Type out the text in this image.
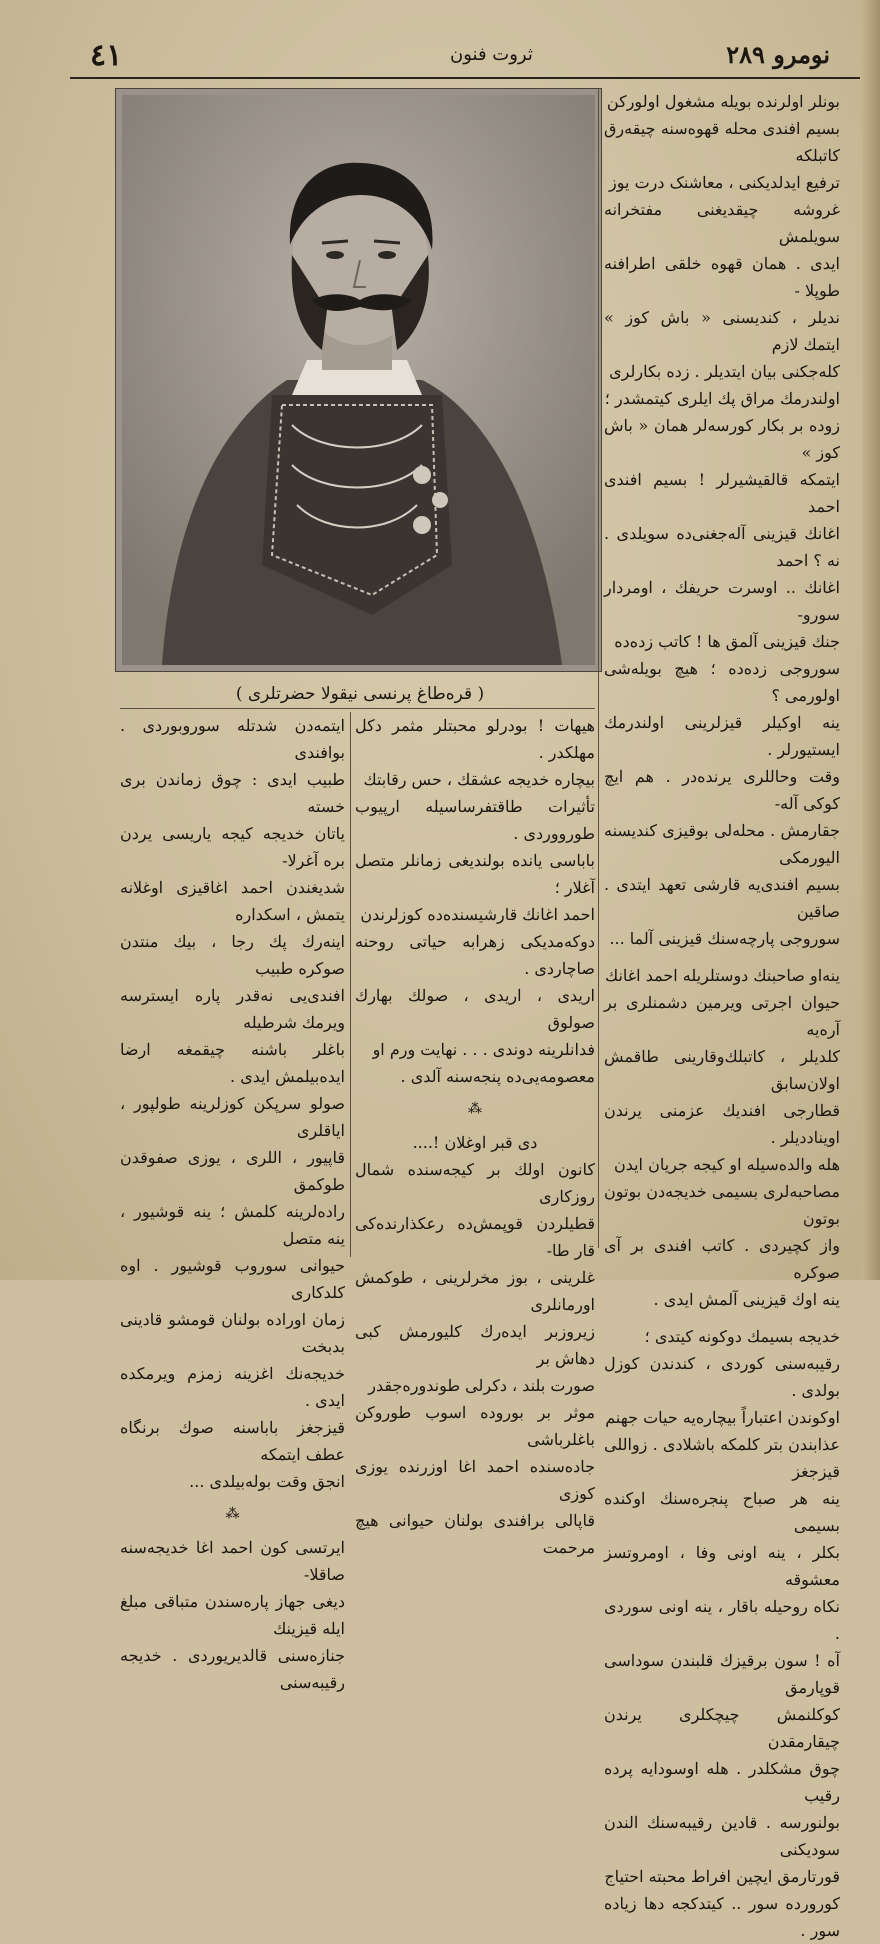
٤١	ثروت فنون	نومرو ۲۸۹
( قره‌طاغ پرنسی نیقولا حضرتلری )

بونلر اولرنده بويله مشغول اولورکن

بسيم افندی محله قهوه‌سنه چيقه‌رق کاتبلکه

ترفيع ايدلديکنی ، معاشنک درت يوز

غروشه چيقديغنی مفتخرانه سويلمش

ايدی . همان قهوه خلقی اطرافنه طوپلا -

نديلر ، کنديسنی « باش کوز » ايتمك لازم

کله‌جکنی بيان ايتديلر . زده بکارلری

اولندرمك مراق پك ايلری کيتمشدر ؛

زوده بر بکار کورسه‌لر همان « باش کوز »

ايتمکه قالقيشيرلر ! بسيم افندی احمد

اغانك قيزينی آله‌جغنی‌ده سويلدی . نه ؟ احمد

اغانك .. اوسرت حريفك ، اومردار سورو-

جنك قيزينی آلمق ها ! کاتب زده‌ده

سوروجی زده‌ده ؛ هيچ بويله‌شی اولورمی ؟

ينه اوکيلر قيزلرينی اولندرمك ايستيورلر .

وقت وحاللری يرنده‌در . هم ايچ کوکی آله‌-

جقارمش . محله‌لی بوقيزی کنديسنه اليورمکی

بسيم افندی‌يه قارشی تعهد ايتدی . صاقين

سوروجی پارچه‌سنك قيزينی آلما ...

ينه‌او صاحبنك دوستلريله احمد اغانك

حيوان اجرتی ويرمين دشمنلری بر آره‌يه

کلديلر ، کاتبلك‌وقارينی طاقمش اولان‌سابق

قطارجی افنديك عزمنی يرندن اوينادديلر .

هله والده‌سيله او کيجه جريان ايدن

مصاحبه‌لری بسيمی خديجه‌دن بوتون بوتون

واز کچيردی . کاتب افندی بر آی صوکره

ينه اوك قيزينی آلمش ايدی .

خديجه بسيمك دوکونه کيتدی ؛

رقيبه‌سنی کوردی ، کندندن کوزل بولدی .

اوکوندن اعتباراً بيچاره‌يه حيات جهنم

عذابندن بتر کلمکه باشلادی . زواللی قيزجغز

ينه هر صباح پنجره‌سنك اوکنده بسيمی

بکلر ، ينه اونی وفا ، اومروتسز معشوقه

نکاه روحيله باقار ، ينه اونی سوردی .

آه ! سون برقيزك قلبندن سوداسی قوپارمق

کوکلنمش چيچکلری يرندن چيقارمقدن

چوق مشکلدر . هله اوسودايه پرده رقيب

بولنورسه . قادين رقيبه‌سنك الندن سوديکنی

قورتارمق ايچين افراط محبته احتياج

کورورده سور .. کيتدکجه دها زياده سور .

هيهات ! بودرلو محبتلر مثمر دکل مهلکدر .

بيچاره خديجه عشقك ، حس رقابتك

تأثيرات طاقتفرساسيله ارپيوب طورووردی .

باباسی يانده بولنديغی زمانلر متصل آغلار ؛

احمد اغانك قارشيسنده‌ده کوزلرندن

دوکه‌مديکی زهرابه حياتی روحنه صاچاردی .

اريدی ، اريدی ، صولك بهارك صولوق

فدانلرينه دوندی . . . نهايت ورم او

معصومه‌يی‌ده پنجه‌سنه آلدی .

⁂
دی قبر اوغلان !....

کانون اولك بر کيجه‌سنده شمال روزکاری

قطيلردن قوپمش‌ده رعکذارنده‌کی قار طا-

غلرينی ، بوز مخرلرينی ، طوکمش اورمانلری

زيروزبر ايده‌رك کليورمش کبی دهاش بر

صورت بلند ، دکرلی طوندوره‌جقدر

موثر بر بوروده اسوب طوروکن باغلرباشی

جاده‌سنده احمد اغا اوزرنده يوزی کوزی

قاپالی برافندی بولنان حيوانی هيچ مرحمت

ايتمه‌دن شدتله سوروبوردی . بوافندی

طبيب ايدی : چوق زماندن بری خسته

ياتان خديجه کيجه ياريسی يردن بره آغرلا-

شديغندن احمد اغاقيزی اوغلانه يتمش ، اسکداره

اينه‌رك پك رجا ، بيك منتدن صوکره طبيب

افندی‌يی نه‌قدر پاره ايسترسه ويرمك شرطيله

باغلر باشنه چيقمغه ارضا ايده‌بيلمش ايدی .

صولو سرپکن کوزلرينه طولپور ، اياقلری

قاپيور ، اللری ، يوزی صفوقدن طوکمق

راده‌لرينه کلمش ؛ ينه قوشيور ، ينه متصل

حيوانی سوروب قوشيور . اوه کلدکاری

زمان اوراده بولنان قومشو قادينی بدبخت

خديجه‌نك اغزينه زمزم ويرمکده ايدی .

قيزجغز باباسنه صوك برنگاه عطف ايتمکه

انجق وقت بوله‌بيلدی ...

⁂

ايرتسی کون احمد اغا خديجه‌سنه صاقلا-

ديغی جهاز پاره‌سندن متباقی مبلغ ايله قيزينك

جنازه‌سنی قالديريوردی . خديجه رقيبه‌سنی
